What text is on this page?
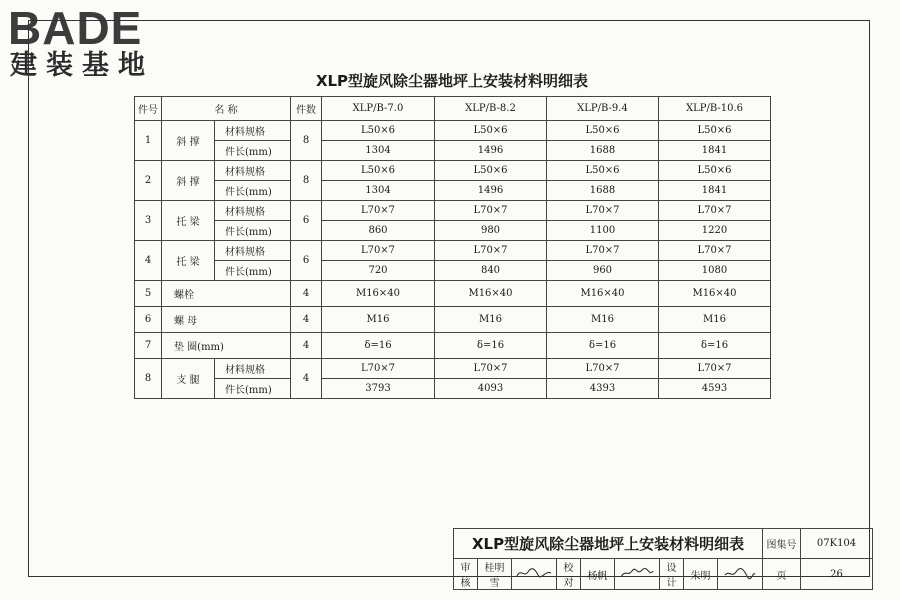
BADE
建装基地	XLP型旋风除尘器地坪上安装材料明细表
件号	名 称		件数	XLP/B-7.0	XLP/B-8.2	XLP/B-9.4	XLP/B-10.6
1	斜 撑	材料规格	8	L50×6	L50×6	L50×6	L50×6
		件长(mm)		1304	1496	1688	1841
2	斜 撑	材料规格	8	L50×6	L50×6	L50×6	L50×6
		件长(mm)		1304	1496	1688	1841
3	托 梁	材料规格	6	L70×7	L70×7	L70×7	L70×7
		件长(mm)		860	980	1100	1220
4	托 梁	材料规格	6	L70×7	L70×7	L70×7	L70×7
		件长(mm)		720	840	960	1080
5	螺栓		4	M16×40	M16×40	M16×40	M16×40
6	螺 母		4	M16	M16	M16	M16
7	垫 圈(mm)		4	δ=16	δ=16	δ=16	δ=16
8	支 腿	材料规格	4	L70×7	L70×7	L70×7	L70×7
		件长(mm)		3793	4093	4393	4593
XLP型旋风除尘器地坪上安装材料明细表									图集号	07K104
审核	桂明雪		校对	杨帆		设计	朱明		页	26
